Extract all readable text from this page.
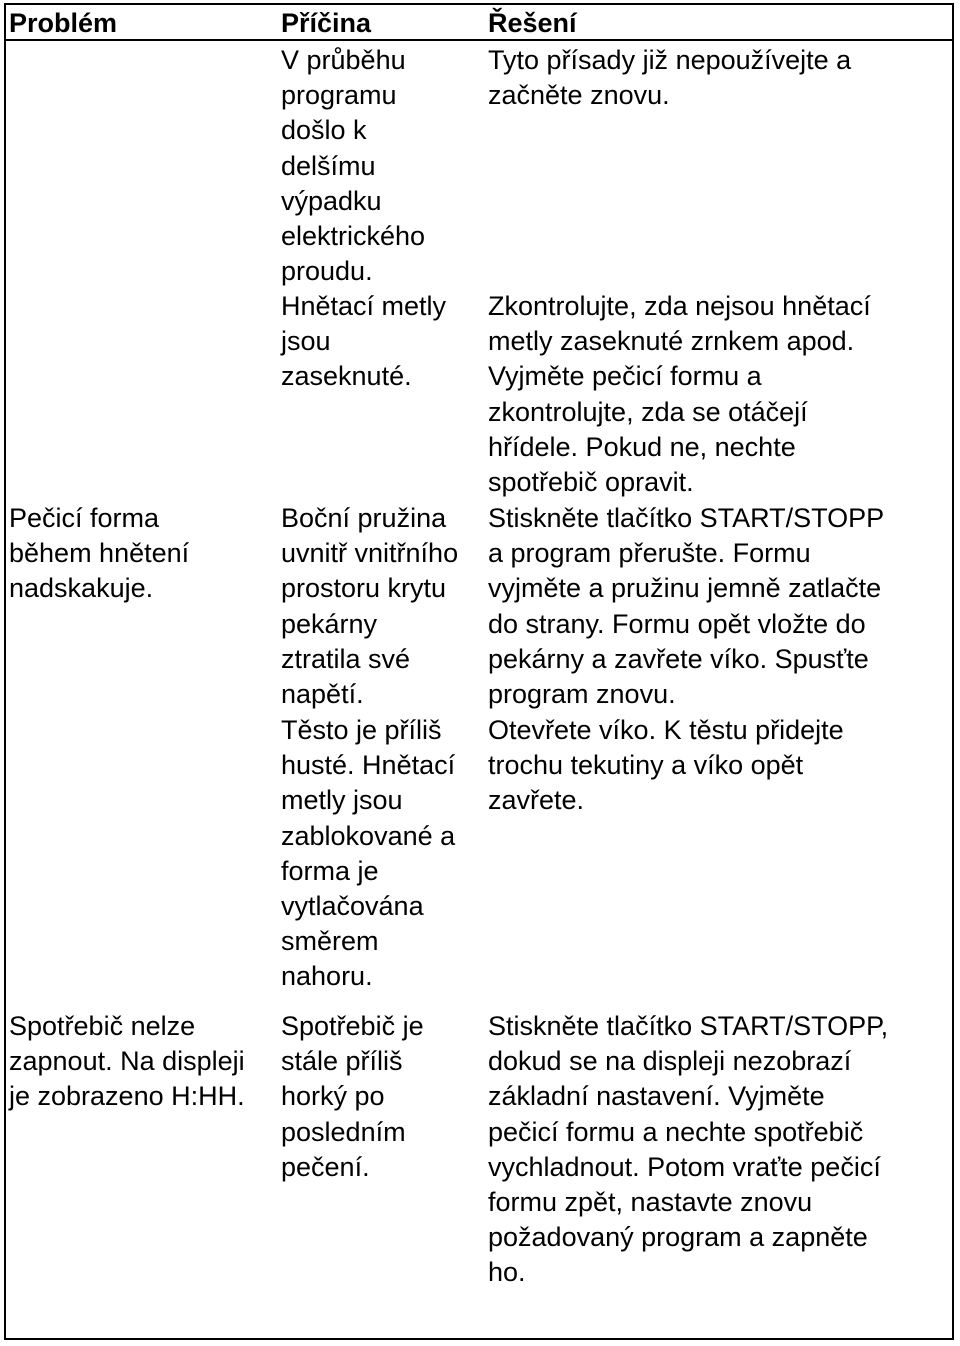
Problém	Příčina	Řešení
V průběhu
programu
došlo k
delšímu
výpadku
elektrického
proudu.
Tyto přísady již nepoužívejte a
začněte znovu.
Hnětací metly
jsou
zaseknuté.
Zkontrolujte, zda nejsou hnětací
metly zaseknuté zrnkem apod.
Vyjměte pečicí formu a
zkontrolujte, zda se otáčejí
hřídele. Pokud ne, nechte
spotřebič opravit.
Pečicí forma
během hnětení
nadskakuje.
Boční pružina
uvnitř vnitřního
prostoru krytu
pekárny
ztratila své
napětí.
Stiskněte tlačítko START/STOPP
a program přerušte. Formu
vyjměte a pružinu jemně zatlačte
do strany. Formu opět vložte do
pekárny a zavřete víko. Spusťte
program znovu.
Těsto je příliš
husté. Hnětací
metly jsou
zablokované a
forma je
vytlačována
směrem
nahoru.
Otevřete víko. K těstu přidejte
trochu tekutiny a víko opět
zavřete.
Spotřebič nelze
zapnout. Na displeji
je zobrazeno H:HH.
Spotřebič je
stále příliš
horký po
posledním
pečení.
Stiskněte tlačítko START/STOPP,
dokud se na displeji nezobrazí
základní nastavení. Vyjměte
pečicí formu a nechte spotřebič
vychladnout. Potom vraťte pečicí
formu zpět, nastavte znovu
požadovaný program a zapněte
ho.
